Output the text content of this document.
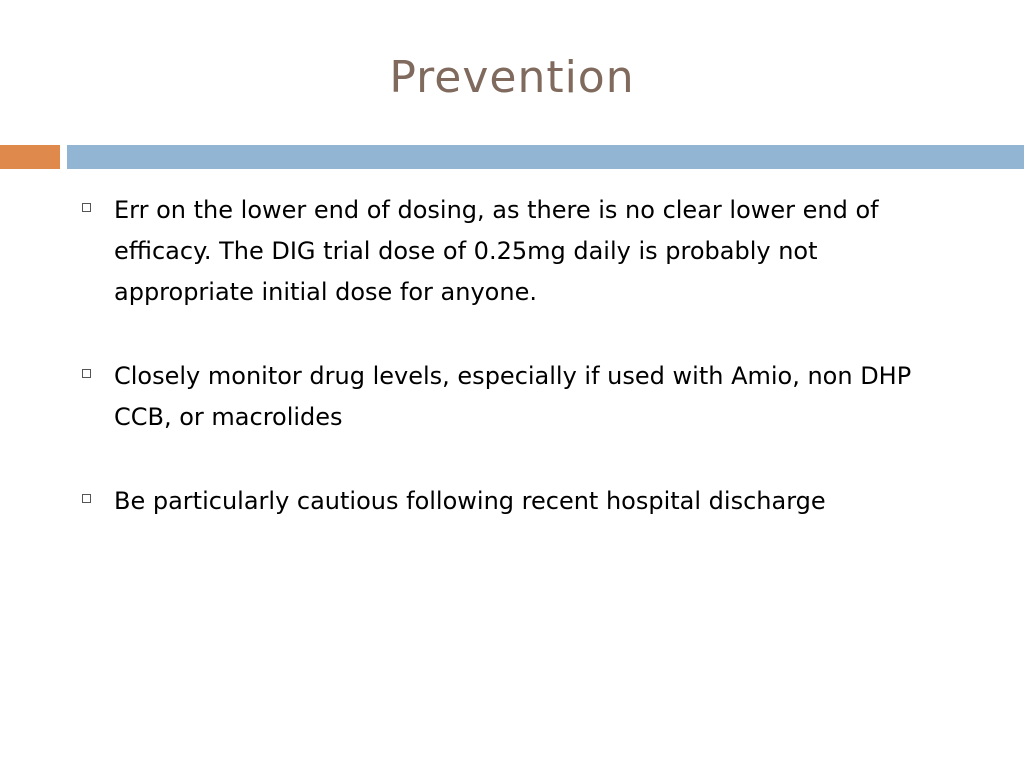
Prevention
Err on the lower end of dosing, as there is no clear lower end of efficacy. The DIG trial dose of 0.25mg daily is probably not appropriate initial dose for anyone.
Closely monitor drug levels, especially if used with Amio, non DHP CCB, or macrolides
Be particularly cautious following recent hospital discharge
